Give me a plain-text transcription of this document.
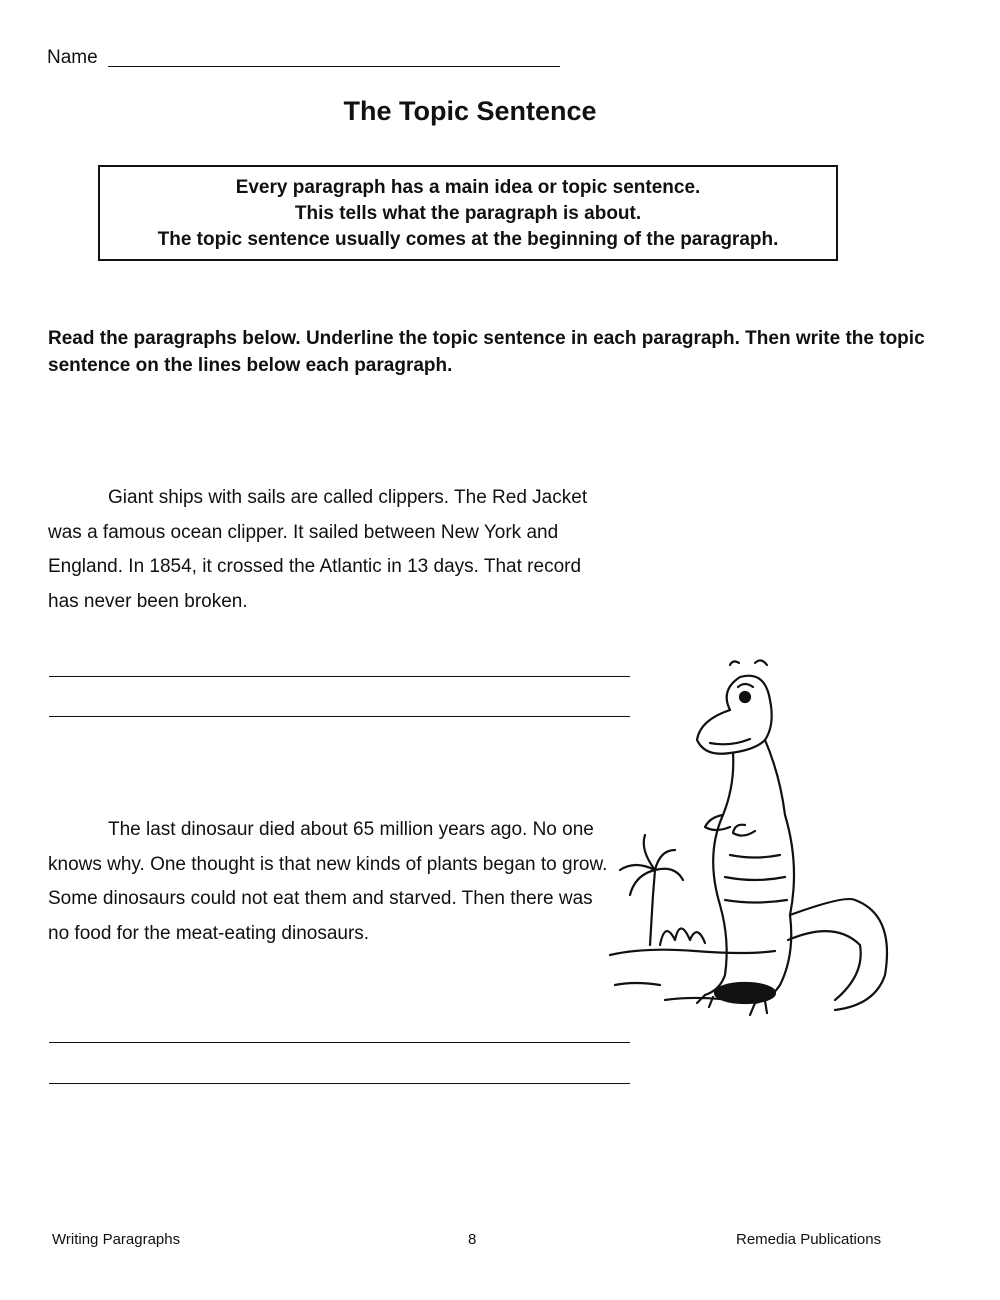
Name
The Topic Sentence
Every paragraph has a main idea or topic sentence.
This tells what the paragraph is about.
The topic sentence usually comes at the beginning of the paragraph.
Read the paragraphs below. Underline the topic sentence in each paragraph. Then write the topic sentence on the lines below each paragraph.
Giant ships with sails are called clippers. The Red Jacket was a famous ocean clipper. It sailed between New York and England. In 1854, it crossed the Atlantic in 13 days. That record has never been broken.
The last dinosaur died about 65 million years ago. No one knows why. One thought is that new kinds of plants began to grow. Some dinosaurs could not eat them and starved. Then there was no food for the meat-eating dinosaurs.
Writing Paragraphs	8	Remedia Publications
